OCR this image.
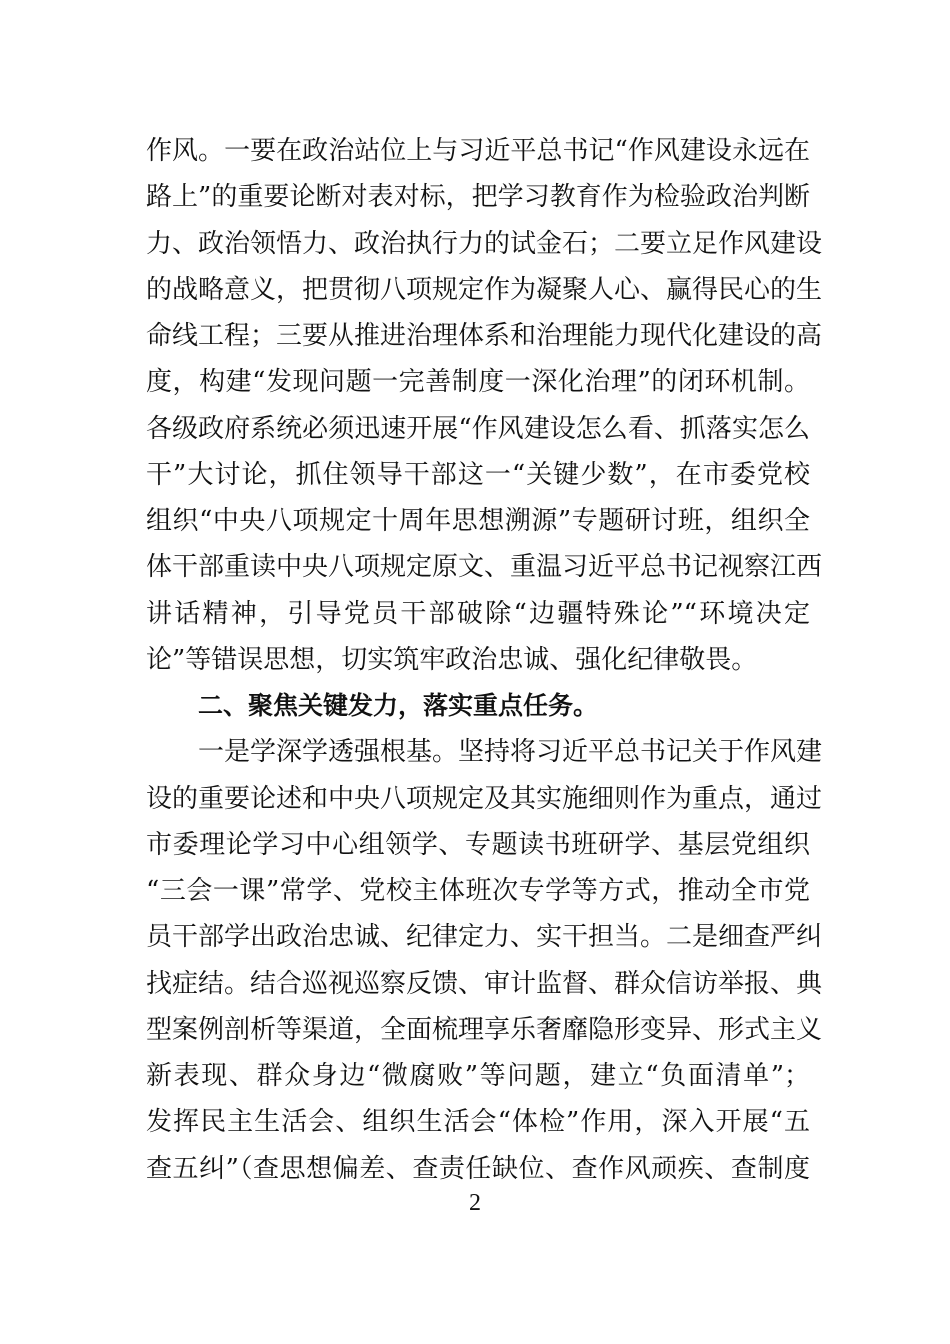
作风。一要在政治站位上与习近平总书记“作风建设永远在
路上”的重要论断对表对标，把学习教育作为检验政治判断
力、政治领悟力、政治执行力的试金石；二要立足作风建设
的战略意义，把贯彻八项规定作为凝聚人心、赢得民心的生
命线工程；三要从推进治理体系和治理能力现代化建设的高
度，构建“发现问题一完善制度一深化治理”的闭环机制。
各级政府系统必须迅速开展“作风建设怎么看、抓落实怎么
干”大讨论，抓住领导干部这一“关键少数”，在市委党校
组织“中央八项规定十周年思想溯源”专题研讨班，组织全
体干部重读中央八项规定原文、重温习近平总书记视察江西
讲话精神，引导党员干部破除“边疆特殊论”“环境决定
论”等错误思想，切实筑牢政治忠诚、强化纪律敬畏。
二、聚焦关键发力，落实重点任务。
一是学深学透强根基。坚持将习近平总书记关于作风建
设的重要论述和中央八项规定及其实施细则作为重点，通过
市委理论学习中心组领学、专题读书班研学、基层党组织
“三会一课”常学、党校主体班次专学等方式，推动全市党
员干部学出政治忠诚、纪律定力、实干担当。二是细查严纠
找症结。结合巡视巡察反馈、审计监督、群众信访举报、典
型案例剖析等渠道，全面梳理享乐奢靡隐形变异、形式主义
新表现、群众身边“微腐败”等问题，建立“负面清单”；
发挥民主生活会、组织生活会“体检”作用，深入开展“五
查五纠”（查思想偏差、查责任缺位、查作风顽疾、查制度
2
